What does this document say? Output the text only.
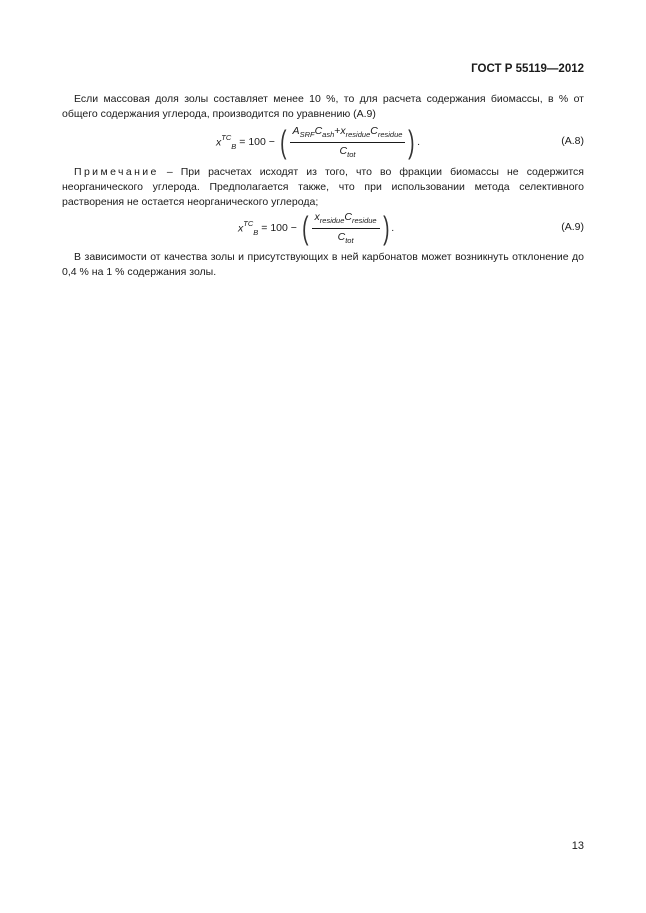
ГОСТ Р 55119—2012
Если массовая доля золы составляет менее 10 %, то для расчета содержания биомассы, в % от общего содержания углерода, производится по уравнению (А.9)
$x^{TC}_B = 100$ − ( $\frac{A_{SRF}C_{ash}+x_{residue}C_{residue}}{C_{tot}}$ ) .	(А.8)
Примечание – При расчетах исходят из того, что во фракции биомассы не содержится неорганического углерода. Предполагается также, что при использовании метода селективного растворения не остается неорганического углерода;
$x^{TC}_B = 100$ − ( $\frac{x_{residue}C_{residue}}{C_{tot}}$ ) .	(А.9)
В зависимости от качества золы и присутствующих в ней карбонатов может возникнуть отклонение до 0,4 % на 1 % содержания золы.
13
